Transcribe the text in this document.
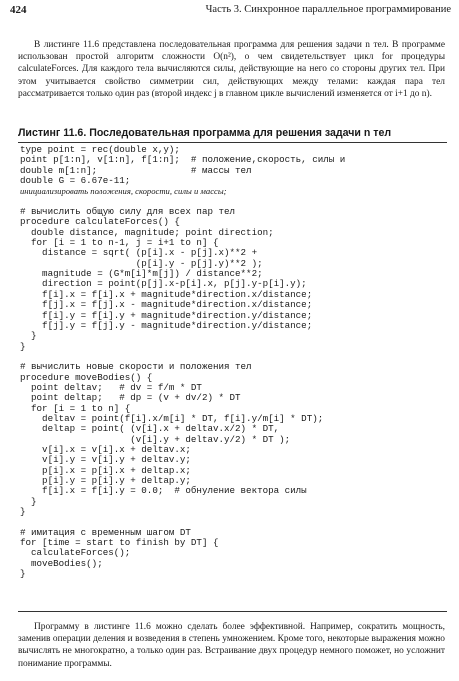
424	Часть 3. Синхронное параллельное программирование

В листинге 11.6 представлена последовательная программа для решения задачи n тел. В программе использован простой алгоритм сложности O(n²), о чем свидетельствует цикл for процедуры calculateForces. Для каждого тела вычисляются силы, действующие на него со стороны других тел. При этом учитывается свойство симметрии сил, действующих между телами: каждая пара тел рассматривается только один раз (второй индекс j в главном цикле вычислений изменяется от i+1 до n).

Листинг 11.6. Последовательная программа для решения задачи n тел
type point = rec(double x,y);
point p[1:n], v[1:n], f[1:n];  # положение,скорость, силы и
double m[1:n];                 # массы тел
double G = 6.67e-11;
инициализировать положения, скорости, силы и массы;
# вычислить общую силу для всех пар тел
procedure calculateForces() {
double distance, magnitude; point direction;
for [i = 1 to n-1, j = i+1 to n] {
distance = sqrt( (p[i].x - p[j].x)**2 +
(p[i].y - p[j].y)**2 );
magnitude = (G*m[i]*m[j]) / distance**2;
direction = point(p[j].x-p[i].x, p[j].y-p[i].y);
f[i].x = f[i].x + magnitude*direction.x/distance;
f[j].x = f[j].x - magnitude*direction.x/distance;
f[i].y = f[i].y + magnitude*direction.y/distance;
f[j].y = f[j].y - magnitude*direction.y/distance;
}
}
# вычислить новые скорости и положения тел
procedure moveBodies() {
point deltav;   # dv = f/m * DT
point deltap;   # dp = (v + dv/2) * DT
for [i = 1 to n] {
deltav = point(f[i].x/m[i] * DT, f[i].y/m[i] * DT);
deltap = point( (v[i].x + deltav.x/2) * DT,
(v[i].y + deltav.y/2) * DT );
v[i].x = v[i].x + deltav.x;
v[i].y = v[i].y + deltav.y;
p[i].x = p[i].x + deltap.x;
p[i].y = p[i].y + deltap.y;
f[i].x = f[i].y = 0.0;  # обнуление вектора силы
}
}
# имитация с временным шагом DT
for [time = start to finish by DT] {
calculateForces();
moveBodies();
}

Программу в листинге 11.6 можно сделать более эффективной. Например, сократить мощность, заменив операции деления и возведения в степень умножением. Кроме того, некоторые выражения можно вычислять не многократно, а только один раз. Встраивание двух процедур немного поможет, но усложнит понимание программы.
